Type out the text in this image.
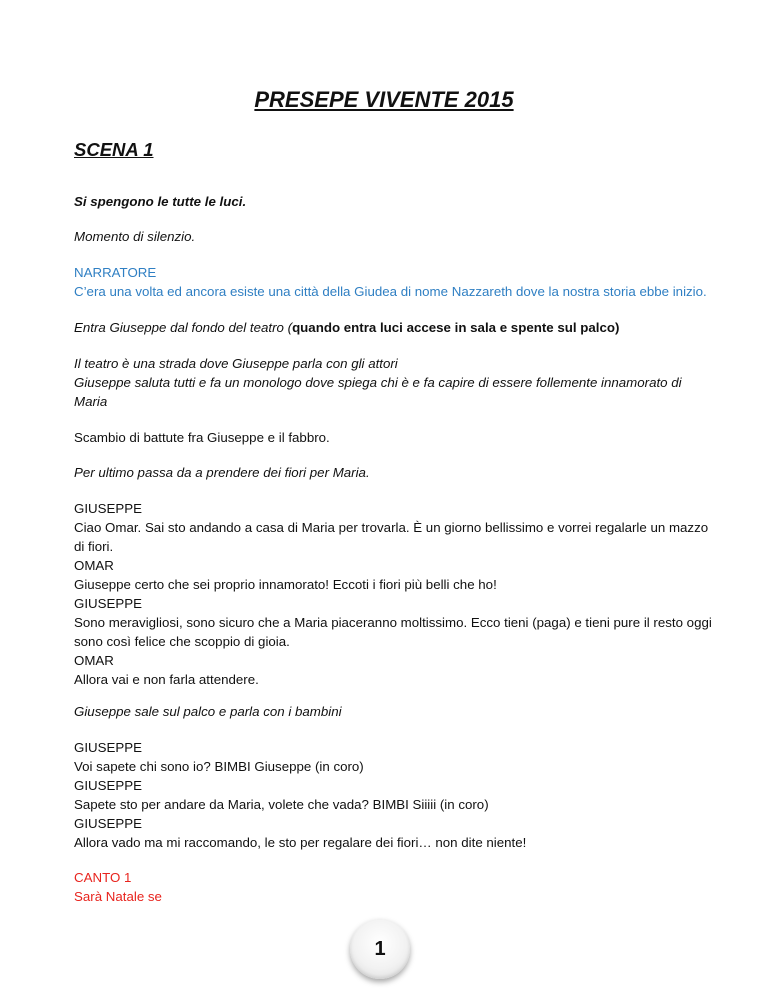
PRESEPE VIVENTE 2015
SCENA 1

Si spengono le tutte le luci.

Momento di silenzio.

NARRATORE
C’era una volta ed ancora esiste una città della Giudea di nome Nazzareth dove la nostra storia ebbe inizio.

Entra Giuseppe dal fondo del teatro (quando entra luci accese in sala e spente sul palco)

Il teatro è una strada dove Giuseppe parla con gli attori
Giuseppe saluta tutti e fa un monologo dove spiega chi è e fa capire di essere follemente innamorato di Maria

Scambio di battute fra Giuseppe e il fabbro.

Per ultimo passa da a prendere dei fiori per Maria.

GIUSEPPE
Ciao Omar. Sai sto andando a casa di Maria per trovarla. È un giorno bellissimo e vorrei regalarle un mazzo di fiori.
OMAR
Giuseppe certo che sei proprio innamorato! Eccoti i fiori più belli che ho!
GIUSEPPE
Sono meravigliosi, sono sicuro che a Maria piaceranno moltissimo. Ecco tieni (paga) e tieni pure il resto oggi sono così felice che scoppio di gioia.
OMAR
Allora vai e non farla attendere.

Giuseppe sale sul palco e parla con i bambini

GIUSEPPE
Voi sapete chi sono io? BIMBI Giuseppe (in coro)
GIUSEPPE
Sapete sto per andare da Maria, volete che vada? BIMBI Siiiii (in coro)
GIUSEPPE
Allora vado ma mi raccomando, le sto per regalare dei fiori… non dite niente!
CANTO 1
Sarà Natale se
1
